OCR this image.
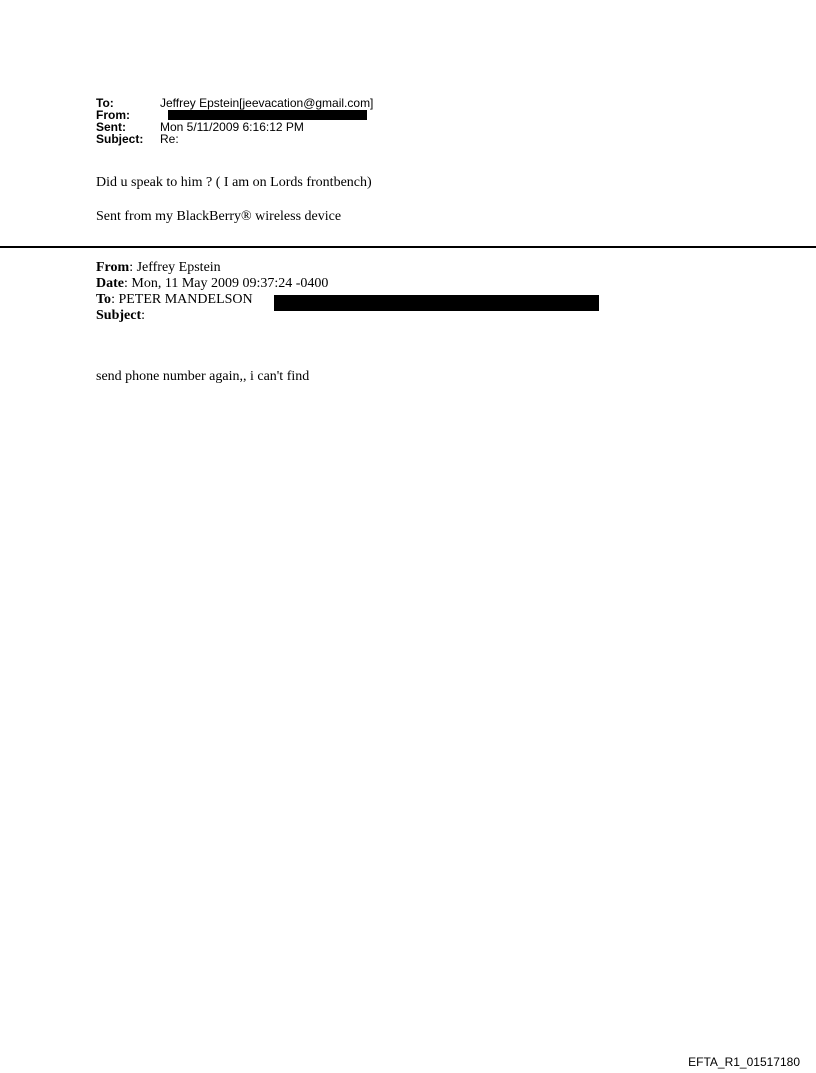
To:	Jeffrey Epstein[jeevacation@gmail.com]
From:
Sent:	Mon 5/11/2009 6:16:12 PM
Subject: Re:
Did u speak to him ? ( I am on Lords frontbench)
Sent from my BlackBerry® wireless device
From: Jeffrey Epstein
Date: Mon, 11 May 2009 09:37:24 -0400
To: PETER MANDELSON
Subject:
send phone number again,, i can't find
EFTA_R1_01517180
